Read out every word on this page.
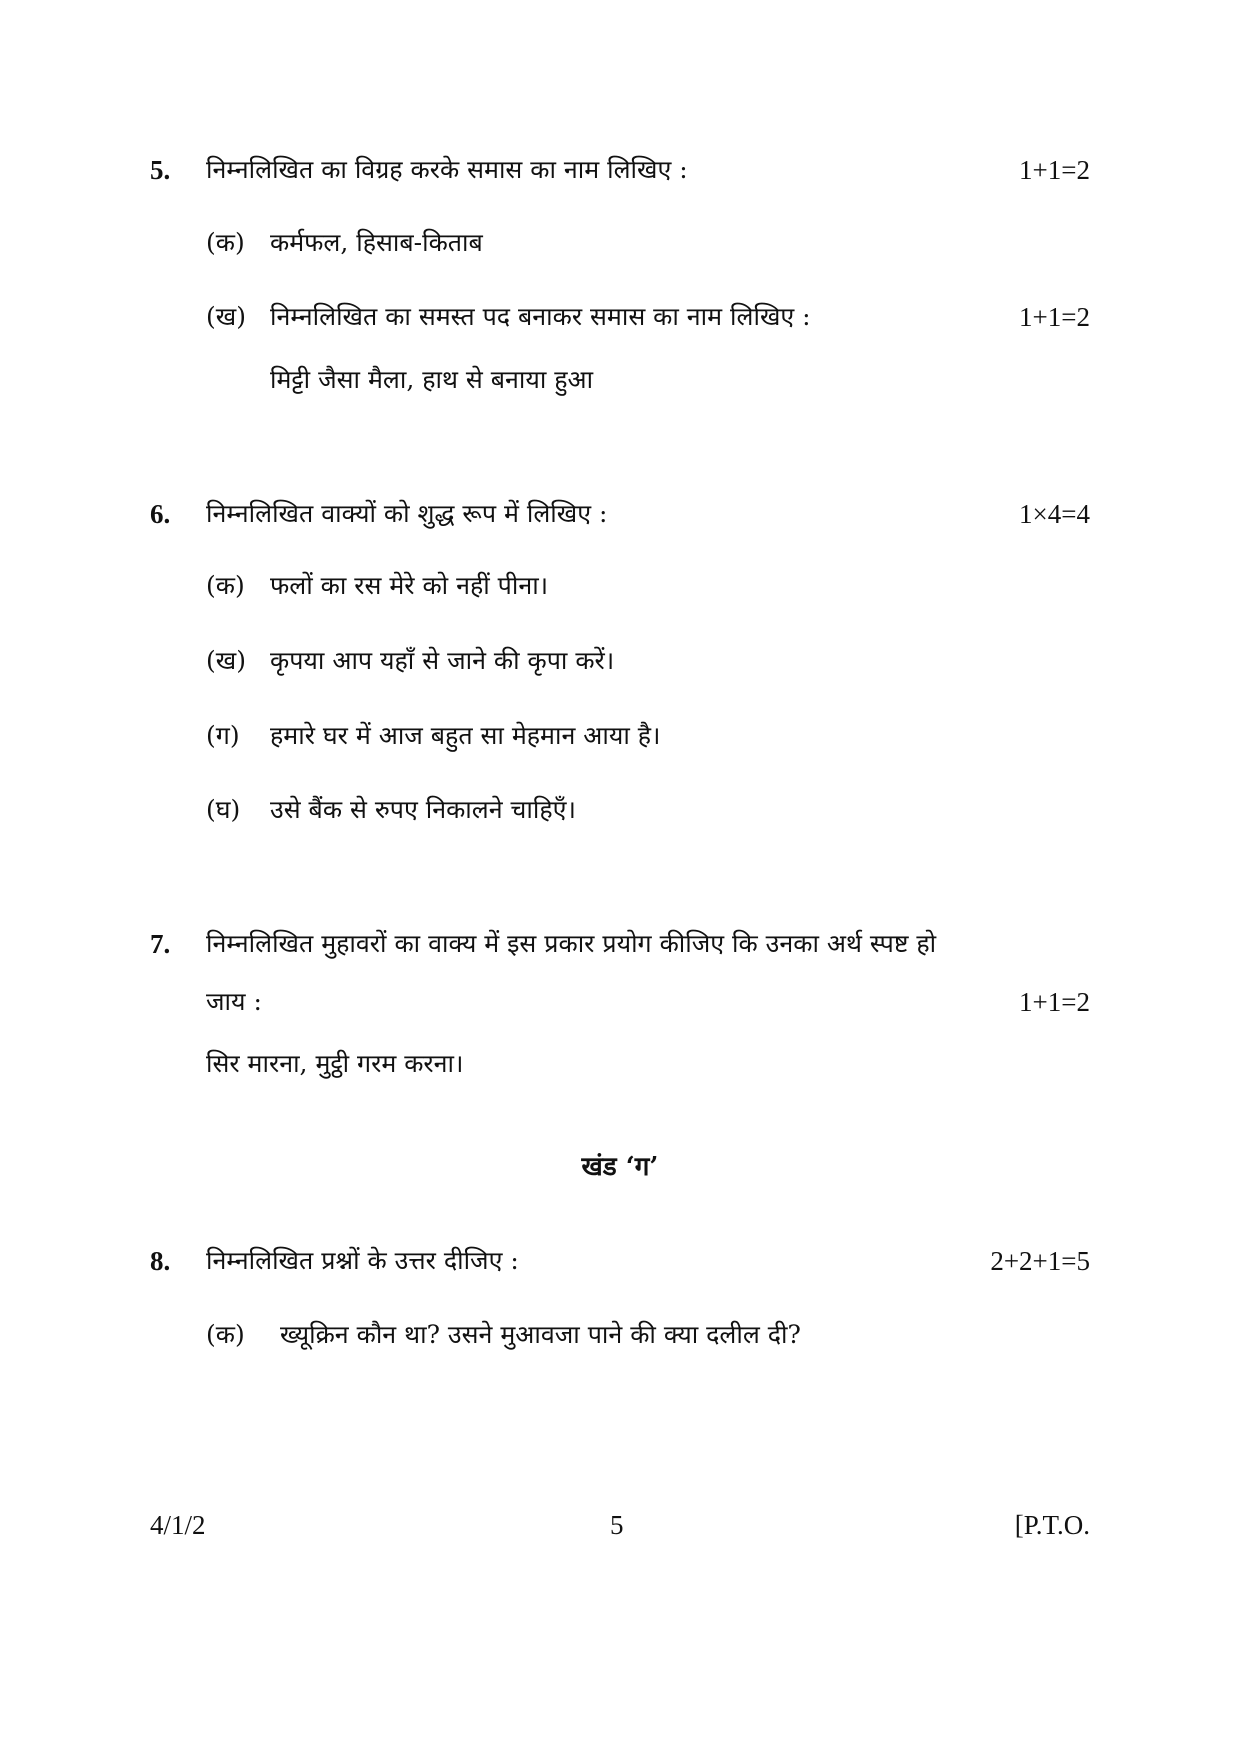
5. निम्नलिखित का विग्रह करके समास का नाम लिखिए :	1+1=2
(क) कर्मफल, हिसाब-किताब
(ख) निम्नलिखित का समस्त पद बनाकर समास का नाम लिखिए :	1+1=2
मिट्टी जैसा मैला, हाथ से बनाया हुआ
6. निम्नलिखित वाक्यों को शुद्ध रूप में लिखिए :	1×4=4
(क) फलों का रस मेरे को नहीं पीना।
(ख) कृपया आप यहाँ से जाने की कृपा करें।
(ग) हमारे घर में आज बहुत सा मेहमान आया है।
(घ) उसे बैंक से रुपए निकालने चाहिएँ।
7. निम्नलिखित मुहावरों का वाक्य में इस प्रकार प्रयोग कीजिए कि उनका अर्थ स्पष्ट हो
जाय :	1+1=2
सिर मारना, मुट्ठी गरम करना।
खंड ‘ग’
8. निम्नलिखित प्रश्नों के उत्तर दीजिए :	2+2+1=5
(क) ख्यूक्रिन कौन था? उसने मुआवजा पाने की क्या दलील दी?
4/1/2	5	[P.T.O.
